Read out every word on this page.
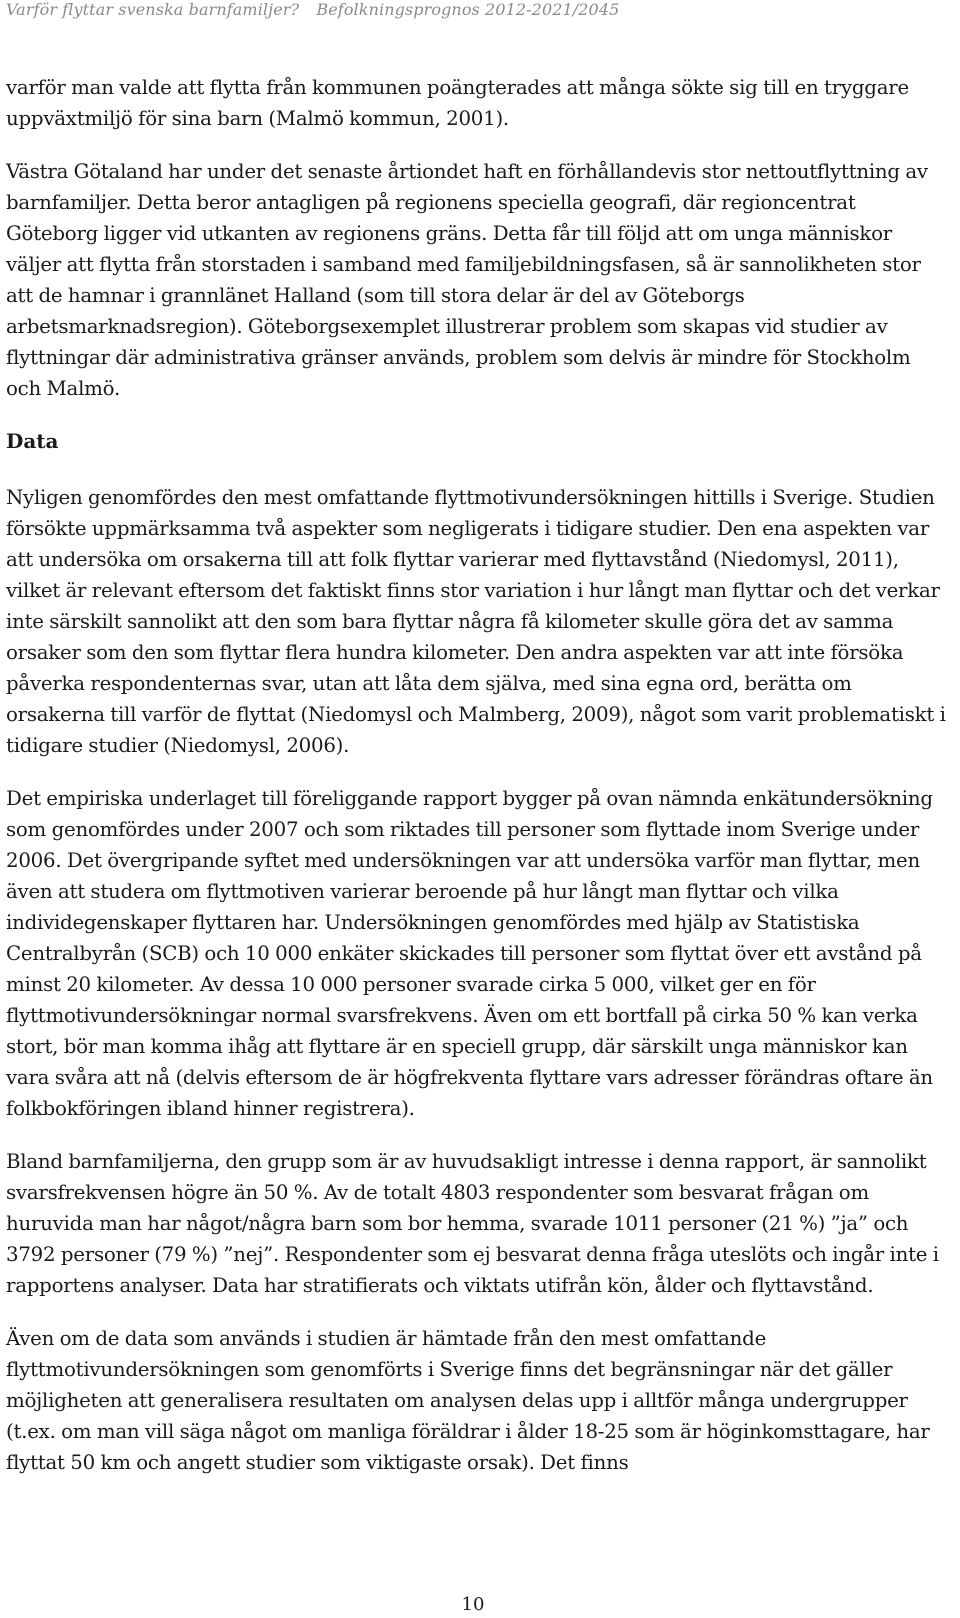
Varför flyttar svenska barnfamiljer? Befolkningsprognos 2012-2021/2045

varför man valde att flytta från kommunen poängterades att många sökte sig till en tryggare uppväxtmiljö för sina barn (Malmö kommun, 2001).

Västra Götaland har under det senaste årtiondet haft en förhållandevis stor nettoutflyttning av barnfamiljer. Detta beror antagligen på regionens speciella geografi, där regioncentrat Göteborg ligger vid utkanten av regionens gräns. Detta får till följd att om unga människor väljer att flytta från storstaden i samband med familjebildningsfasen, så är sannolikheten stor att de hamnar i grannlänet Halland (som till stora delar är del av Göteborgs arbetsmarknadsregion). Göteborgsexemplet illustrerar problem som skapas vid studier av flyttningar där administrativa gränser används, problem som delvis är mindre för Stockholm och Malmö.

Data

Nyligen genomfördes den mest omfattande flyttmotivundersökningen hittills i Sverige. Studien försökte uppmärksamma två aspekter som negligerats i tidigare studier. Den ena aspekten var att undersöka om orsakerna till att folk flyttar varierar med flyttavstånd (Niedomysl, 2011), vilket är relevant eftersom det faktiskt finns stor variation i hur långt man flyttar och det verkar inte särskilt sannolikt att den som bara flyttar några få kilometer skulle göra det av samma orsaker som den som flyttar flera hundra kilometer. Den andra aspekten var att inte försöka påverka respondenternas svar, utan att låta dem själva, med sina egna ord, berätta om orsakerna till varför de flyttat (Niedomysl och Malmberg, 2009), något som varit problematiskt i tidigare studier (Niedomysl, 2006).

Det empiriska underlaget till föreliggande rapport bygger på ovan nämnda enkätundersökning som genomfördes under 2007 och som riktades till personer som flyttade inom Sverige under 2006. Det övergripande syftet med undersökningen var att undersöka varför man flyttar, men även att studera om flyttmotiven varierar beroende på hur långt man flyttar och vilka individegenskaper flyttaren har. Undersökningen genomfördes med hjälp av Statistiska Centralbyrån (SCB) och 10 000 enkäter skickades till personer som flyttat över ett avstånd på minst 20 kilometer. Av dessa 10 000 personer svarade cirka 5 000, vilket ger en för flyttmotivundersökningar normal svarsfrekvens. Även om ett bortfall på cirka 50 % kan verka stort, bör man komma ihåg att flyttare är en speciell grupp, där särskilt unga människor kan vara svåra att nå (delvis eftersom de är högfrekventa flyttare vars adresser förändras oftare än folkbokföringen ibland hinner registrera).

Bland barnfamiljerna, den grupp som är av huvudsakligt intresse i denna rapport, är sannolikt svarsfrekvensen högre än 50 %. Av de totalt 4803 respondenter som besvarat frågan om huruvida man har något/några barn som bor hemma, svarade 1011 personer (21 %) ”ja” och 3792 personer (79 %) ”nej”. Respondenter som ej besvarat denna fråga uteslöts och ingår inte i rapportens analyser. Data har stratifierats och viktats utifrån kön, ålder och flyttavstånd.

Även om de data som används i studien är hämtade från den mest omfattande flyttmotivundersökningen som genomförts i Sverige finns det begränsningar när det gäller möjligheten att generalisera resultaten om analysen delas upp i alltför många undergrupper (t.ex. om man vill säga något om manliga föräldrar i ålder 18-25 som är höginkomsttagare, har flyttat 50 km och angett studier som viktigaste orsak). Det finns

10
